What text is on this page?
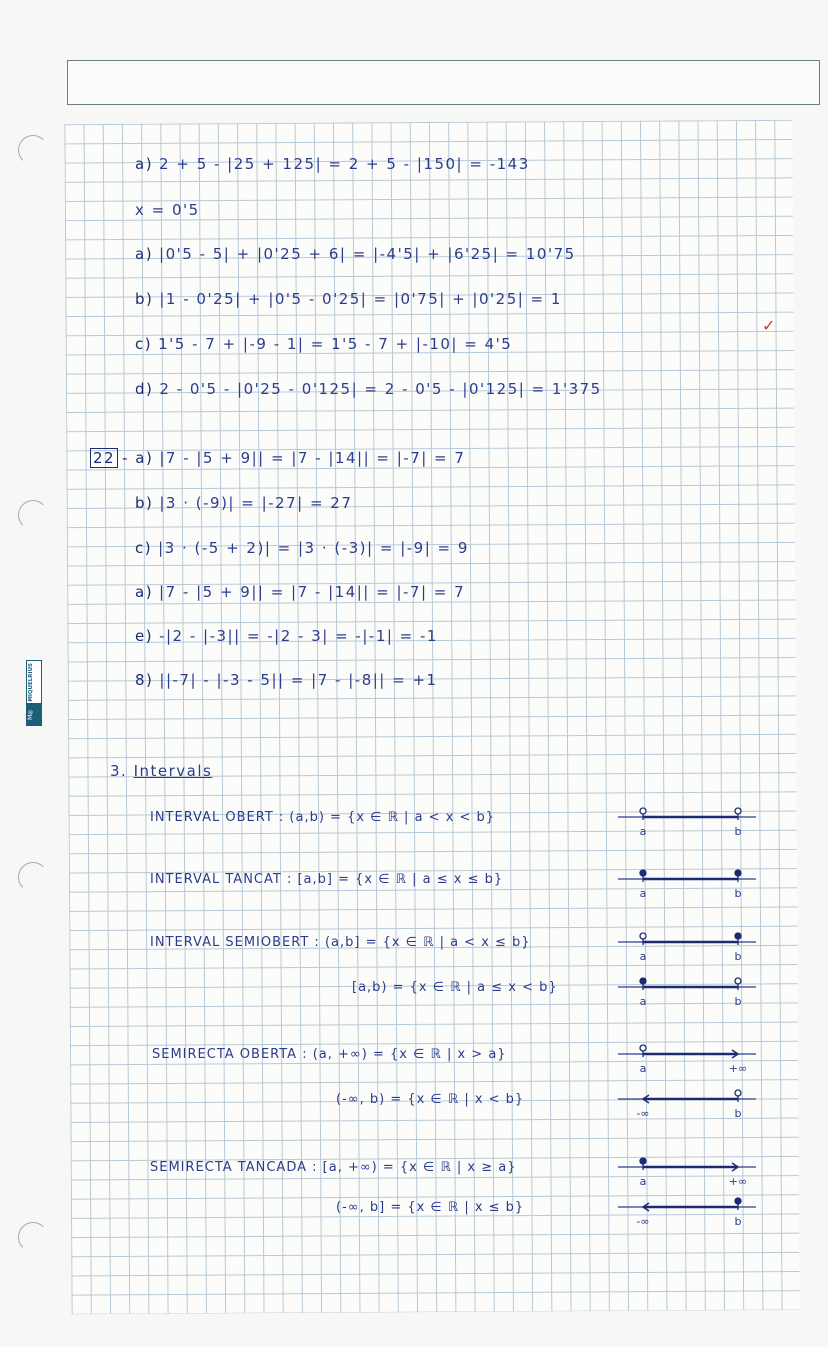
MIQUELRIUS
M®
✓
a) 2 + 5 - |25 + 125| = 2 + 5 - |150| = -143
x = 0'5
a) |0'5 - 5| + |0'25 + 6| = |-4'5| + |6'25| = 10'75
b) |1 - 0'25| + |0'5 - 0'25| = |0'75| + |0'25| = 1
c) 1'5 - 7 + |-9 - 1| = 1'5 - 7 + |-10| = 4'5
d) 2 - 0'5 - |0'25 - 0'125| = 2 - 0'5 - |0'125| = 1'375
22 - a) |7 - |5 + 9|| = |7 - |14|| = |-7| = 7
b) |3 · (-9)| = |-27| = 27
c) |3 · (-5 + 2)| = |3 · (-3)| = |-9| = 9
a) |7 - |5 + 9|| = |7 - |14|| = |-7| = 7
e) -|2 - |-3|| = -|2 - 3| = -|-1| = -1
8) ||-7| - |-3 - 5|| = |7 - |-8|| = +1
3. Intervals
INTERVAL OBERT : (a,b) = {x ∈ ℝ | a < x < b}
INTERVAL TANCAT : [a,b] = {x ∈ ℝ | a ≤ x ≤ b}
INTERVAL SEMIOBERT : (a,b] = {x ∈ ℝ | a < x ≤ b}
[a,b) = {x ∈ ℝ | a ≤ x < b}
SEMIRECTA OBERTA : (a, +∞) = {x ∈ ℝ | x > a}
(-∞, b) = {x ∈ ℝ | x < b}
SEMIRECTA TANCADA : [a, +∞) = {x ∈ ℝ | x ≥ a}
(-∞, b] = {x ∈ ℝ | x ≤ b}
a	b
a	b
a	b
a	b
a	+∞
-∞	b
a	+∞
-∞	b
